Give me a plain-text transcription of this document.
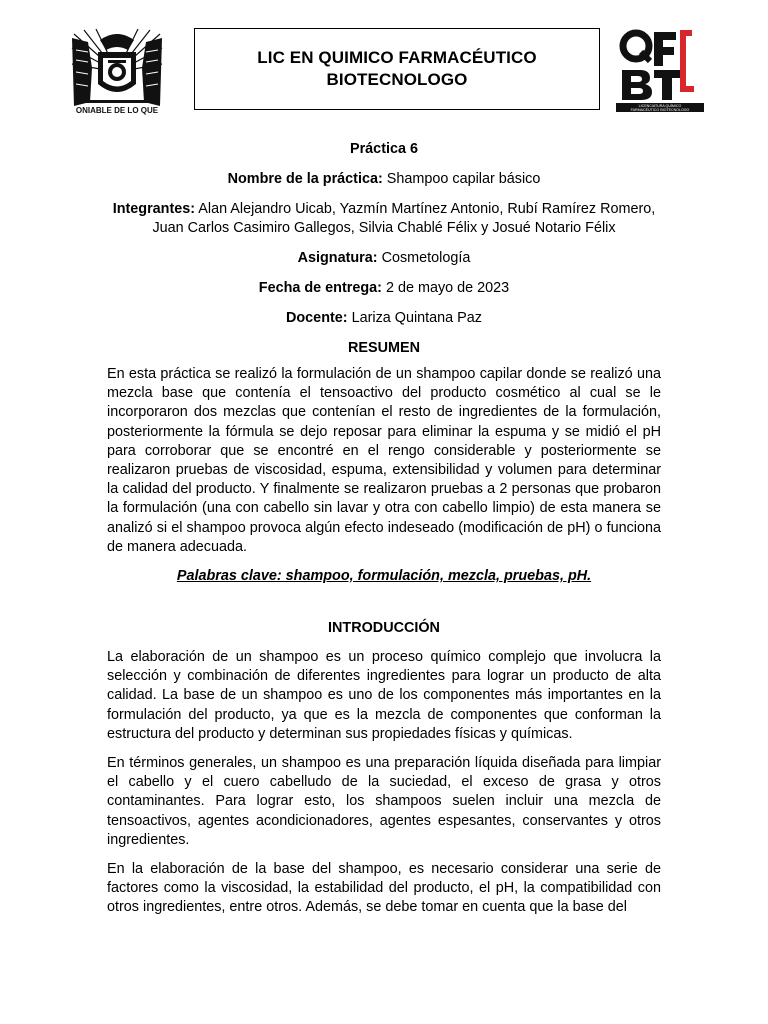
ONIABLE DE LO QUE
LIC EN QUIMICO FARMACÉUTICO
BIOTECNOLOGO
LICENCIATURA QUÍMICO
FARMACÉUTICO BIOTECNOLOGO

Práctica 6

Nombre de la práctica: Shampoo capilar básico

Integrantes: Alan Alejandro Uicab, Yazmín Martínez Antonio, Rubí Ramírez Romero, Juan Carlos Casimiro Gallegos, Silvia Chablé Félix y Josué Notario Félix

Asignatura: Cosmetología

Fecha de entrega: 2 de mayo de 2023

Docente: Lariza Quintana Paz

RESUMEN

En esta práctica se realizó la formulación de un shampoo capilar donde se realizó una mezcla base que contenía el tensoactivo del producto cosmético al cual se le incorporaron dos mezclas que contenían el resto de ingredientes de la formulación, posteriormente la fórmula se dejo reposar para eliminar la espuma y se midió el pH para corroborar que se encontré en el rengo considerable y posteriormente se realizaron pruebas de viscosidad, espuma, extensibilidad y volumen para determinar la calidad del producto. Y finalmente se realizaron pruebas a 2 personas que probaron la formulación (una con cabello sin lavar y otra con cabello limpio) de esta manera se analizó si el shampoo provoca algún efecto indeseado (modificación de pH) o funciona de manera adecuada.

Palabras clave: shampoo, formulación, mezcla, pruebas, pH.

INTRODUCCIÓN

La elaboración de un shampoo es un proceso químico complejo que involucra la selección y combinación de diferentes ingredientes para lograr un producto de alta calidad. La base de un shampoo es uno de los componentes más importantes en la formulación del producto, ya que es la mezcla de componentes que conforman la estructura del producto y determinan sus propiedades físicas y químicas.

En términos generales, un shampoo es una preparación líquida diseñada para limpiar el cabello y el cuero cabelludo de la suciedad, el exceso de grasa y otros contaminantes. Para lograr esto, los shampoos suelen incluir una mezcla de tensoactivos, agentes acondicionadores, agentes espesantes, conservantes y otros ingredientes.

En la elaboración de la base del shampoo, es necesario considerar una serie de factores como la viscosidad, la estabilidad del producto, el pH, la compatibilidad con otros ingredientes, entre otros. Además, se debe tomar en cuenta que la base del
